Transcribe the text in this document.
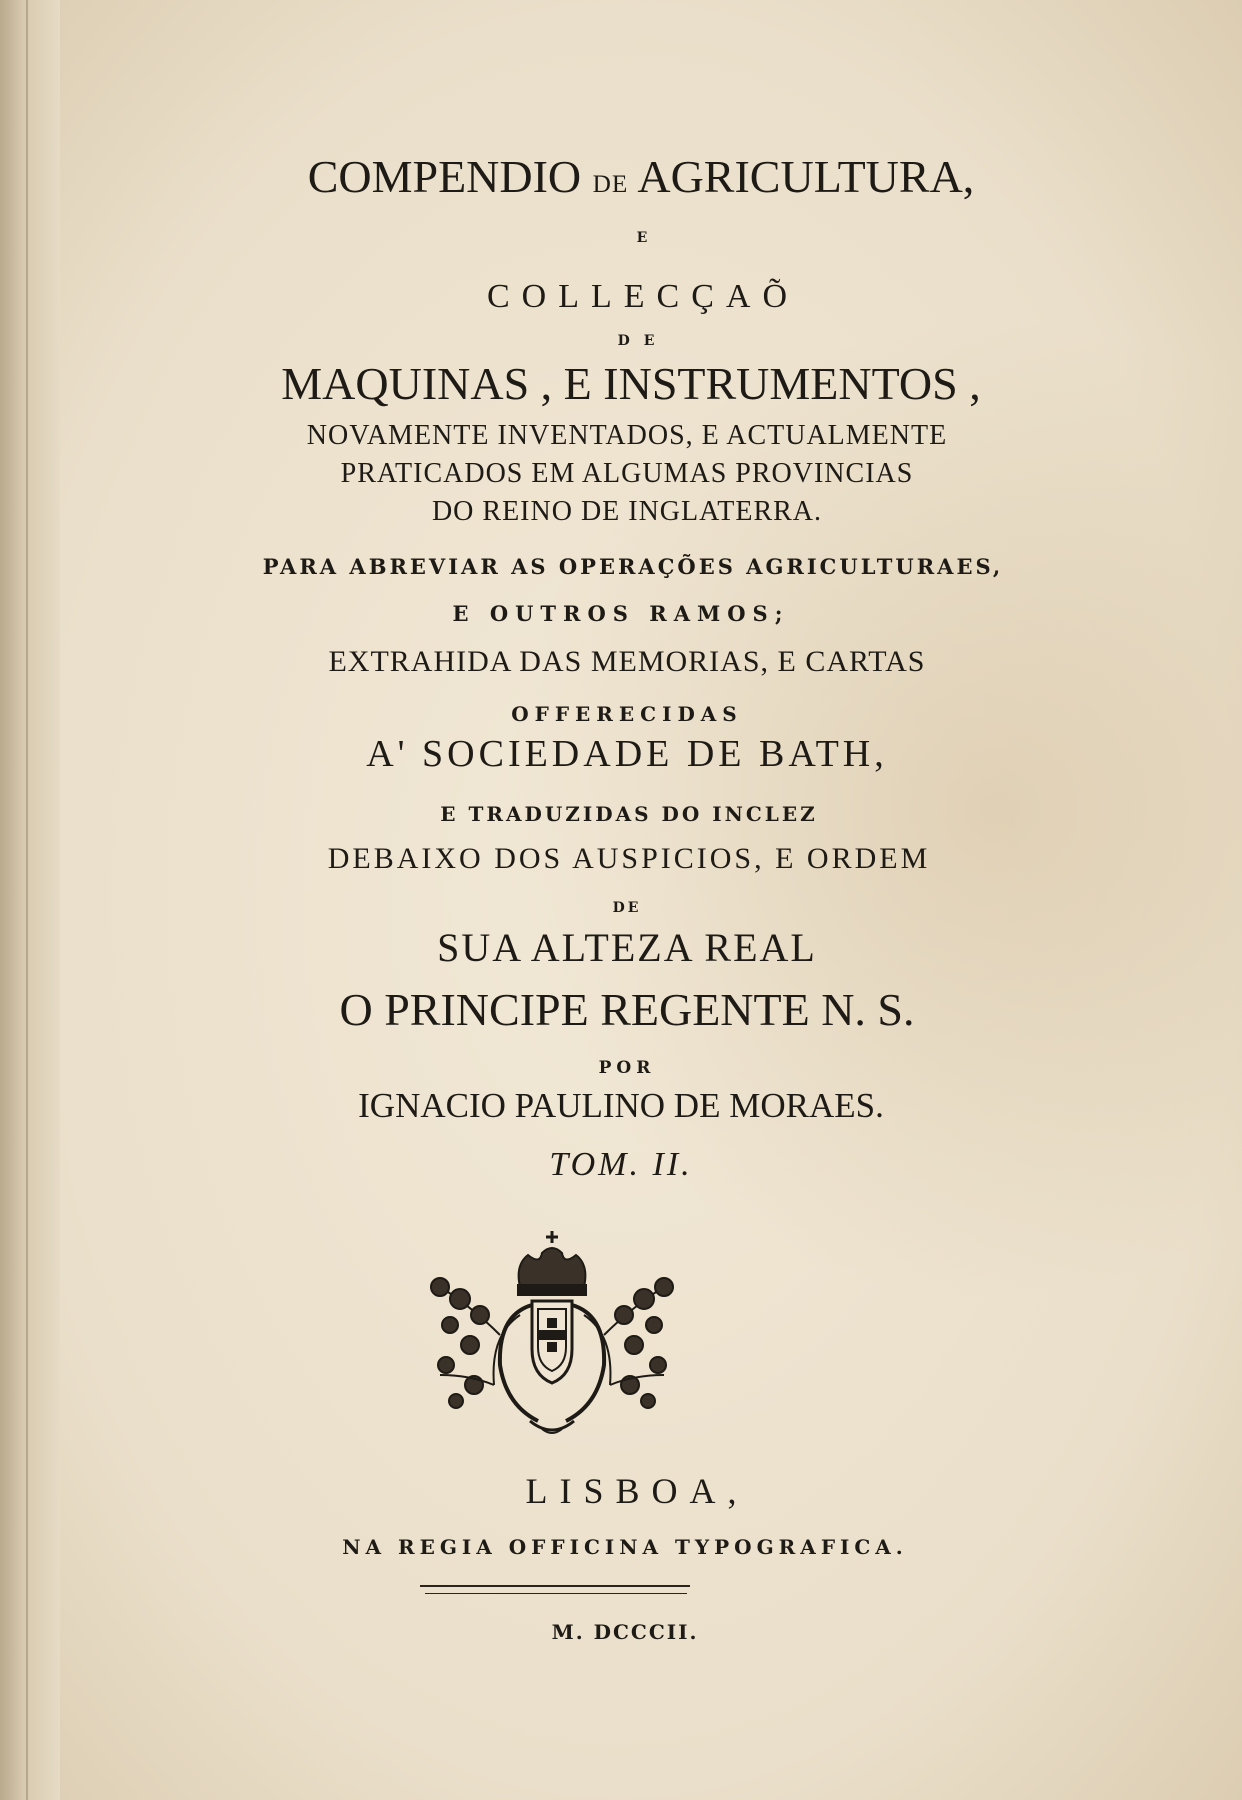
COMPENDIO DE AGRICULTURA,

E

COLLECÇAÕ

DE

MAQUINAS , E INSTRUMENTOS ,

NOVAMENTE INVENTADOS, E ACTUALMENTE

PRATICADOS EM ALGUMAS PROVINCIAS

DO REINO DE INGLATERRA.

PARA ABREVIAR AS OPERAÇÕES AGRICULTURAES,

E OUTROS RAMOS;

EXTRAHIDA DAS MEMORIAS, E CARTAS

OFFERECIDAS

A' SOCIEDADE DE BATH,

E TRADUZIDAS DO INCLEZ

DEBAIXO DOS AUSPICIOS, E ORDEM

DE

SUA ALTEZA REAL

O PRINCIPE REGENTE N. S.

POR

IGNACIO PAULINO DE MORAES.

TOM. II.

LISBOA,

NA REGIA OFFICINA TYPOGRAFICA.

M. DCCCII.
